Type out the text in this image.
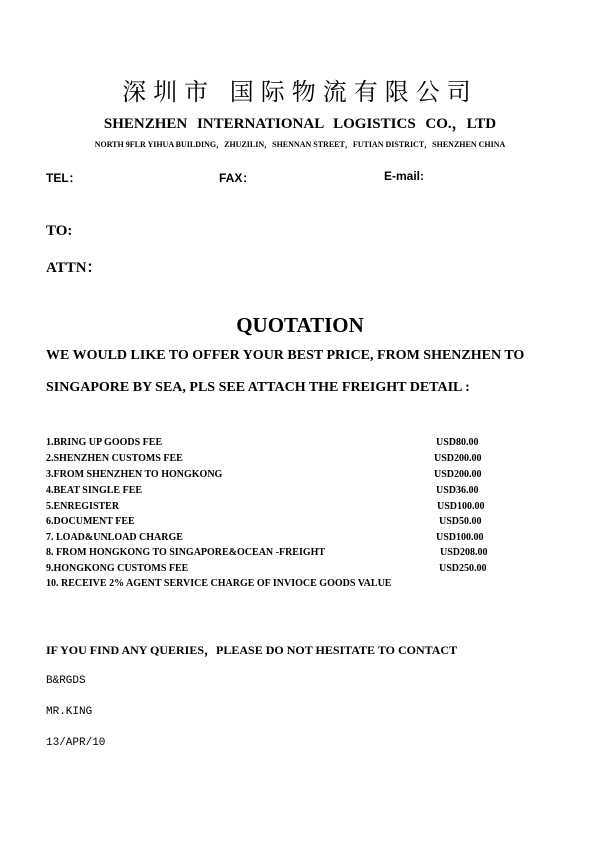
深圳市 国际物流有限公司
SHENZHEN INTERNATIONAL LOGISTICS CO.，LTD
NORTH 9FLR YIHUA BUILDING，ZHUZILIN，SHENNAN STREET，FUTIAN DISTRICT，SHENZHEN CHINA
TEL：	FAX：	E-mail:
TO:
ATTN：
QUOTATION
WE WOULD LIKE TO OFFER YOUR BEST PRICE, FROM SHENZHEN TO
SINGAPORE BY SEA, PLS SEE ATTACH THE FREIGHT DETAIL :
1.BRING UP GOODS FEE	USD80.00
2.SHENZHEN CUSTOMS FEE	USD200.00
3.FROM SHENZHEN TO HONGKONG	USD200.00
4.BEAT SINGLE FEE	USD36.00
5.ENREGISTER	USD100.00
6.DOCUMENT FEE	USD50.00
7. LOAD&UNLOAD CHARGE	USD100.00
8. FROM HONGKONG TO SINGAPORE&OCEAN -FREIGHT	USD208.00
9.HONGKONG CUSTOMS FEE	USD250.00
10. RECEIVE 2% AGENT SERVICE CHARGE OF INVIOCE GOODS VALUE
IF YOU FIND ANY QUERIES，PLEASE DO NOT HESITATE TO CONTACT
B&RGDS
MR.KING
13/APR/10
